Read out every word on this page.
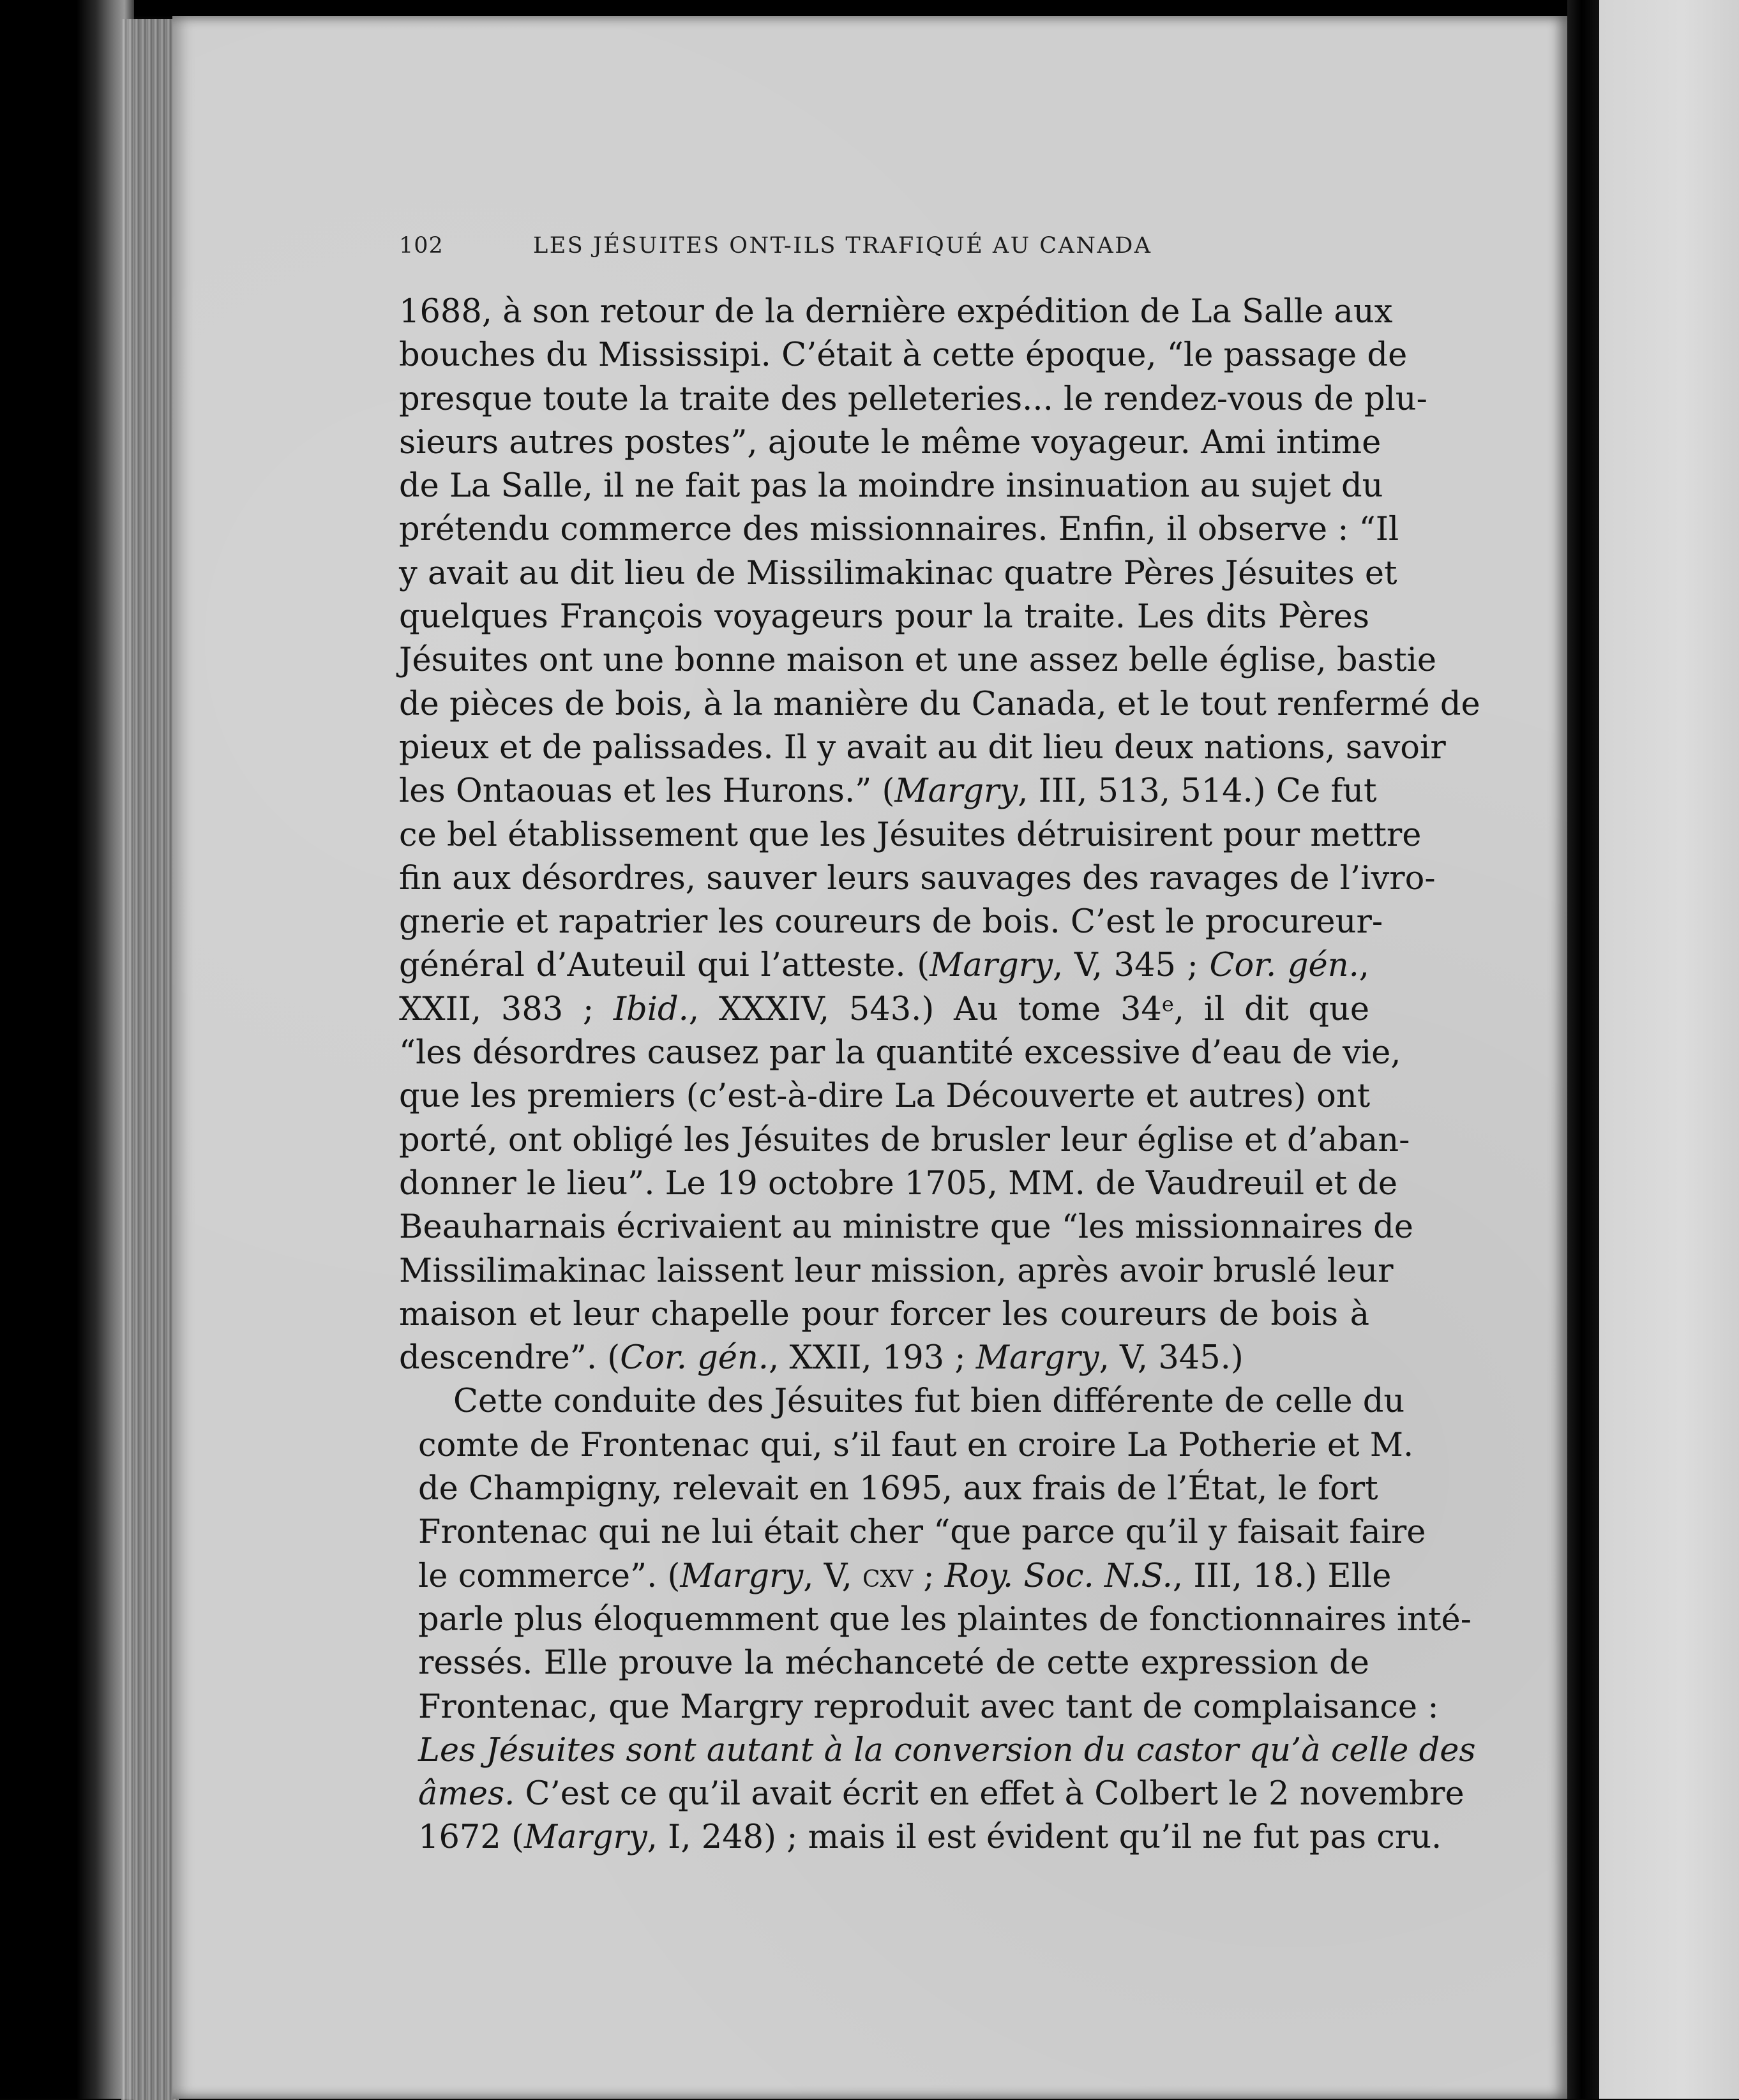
102	LES JÉSUITES ONT-ILS TRAFIQUÉ AU CANADA
1688, à son retour de la dernière expédition de La Salle aux
bouches du Mississipi. C’était à cette époque, “le passage de
presque toute la traite des pelleteries... le rendez-vous de plu-
sieurs autres postes”, ajoute le même voyageur. Ami intime
de La Salle, il ne fait pas la moindre insinuation au sujet du
prétendu commerce des missionnaires. Enfin, il observe : “Il
y avait au dit lieu de Missilimakinac quatre Pères Jésuites et
quelques François voyageurs pour la traite. Les dits Pères
Jésuites ont une bonne maison et une assez belle église, bastie
de pièces de bois, à la manière du Canada, et le tout renfermé de
pieux et de palissades. Il y avait au dit lieu deux nations, savoir
les Ontaouas et les Hurons.” (Margry, III, 513, 514.) Ce fut
ce bel établissement que les Jésuites détruisirent pour mettre
fin aux désordres, sauver leurs sauvages des ravages de l’ivro-
gnerie et rapatrier les coureurs de bois. C’est le procureur-
général d’Auteuil qui l’atteste. (Margry, V, 345 ; Cor. gén.,
XXII, 383 ; Ibid., XXXIV, 543.) Au tome 34e, il dit que
“les désordres causez par la quantité excessive d’eau de vie,
que les premiers (c’est-à-dire La Découverte et autres) ont
porté, ont obligé les Jésuites de brusler leur église et d’aban-
donner le lieu”. Le 19 octobre 1705, MM. de Vaudreuil et de
Beauharnais écrivaient au ministre que “les missionnaires de
Missilimakinac laissent leur mission, après avoir bruslé leur
maison et leur chapelle pour forcer les coureurs de bois à
descendre”. (Cor. gén., XXII, 193 ; Margry, V, 345.)
Cette conduite des Jésuites fut bien différente de celle du
comte de Frontenac qui, s’il faut en croire La Potherie et M.
de Champigny, relevait en 1695, aux frais de l’État, le fort
Frontenac qui ne lui était cher “que parce qu’il y faisait faire
le commerce”. (Margry, V, cxv ; Roy. Soc. N.S., III, 18.) Elle
parle plus éloquemment que les plaintes de fonctionnaires inté-
ressés. Elle prouve la méchanceté de cette expression de
Frontenac, que Margry reproduit avec tant de complaisance :
Les Jésuites sont autant à la conversion du castor qu’à celle des
âmes. C’est ce qu’il avait écrit en effet à Colbert le 2 novembre
1672 (Margry, I, 248) ; mais il est évident qu’il ne fut pas cru.
